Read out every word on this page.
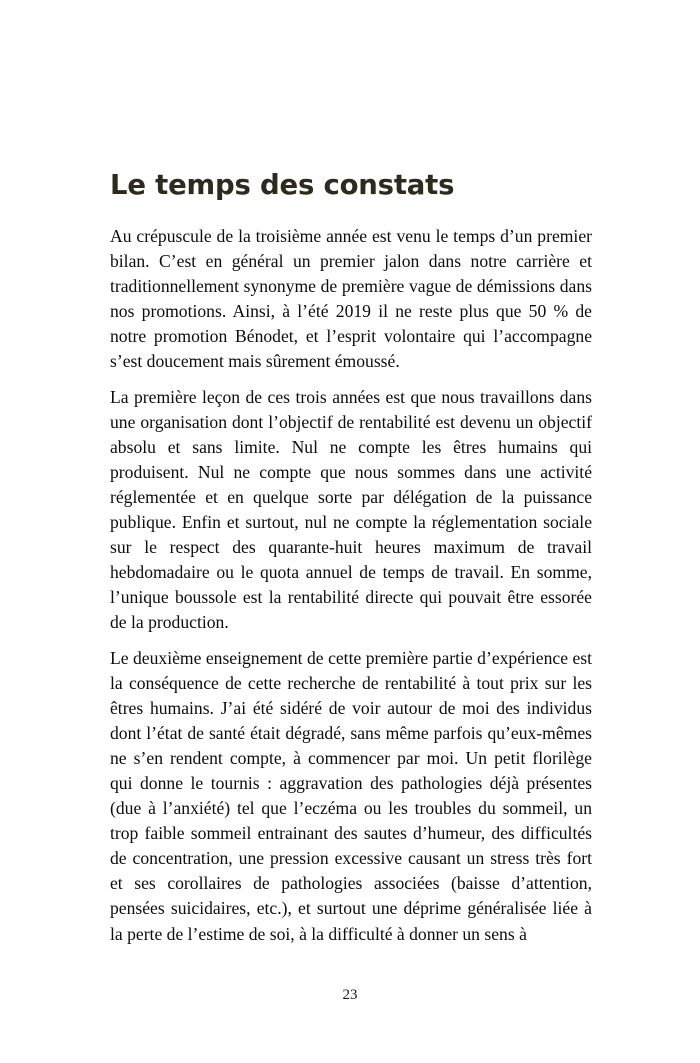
Le temps des constats

Au crépuscule de la troisième année est venu le temps d’un premier bilan. C’est en général un premier jalon dans notre carrière et traditionnellement synonyme de première vague de démissions dans nos promotions. Ainsi, à l’été 2019 il ne reste plus que 50 % de notre promotion Bénodet, et l’esprit volontaire qui l’accompagne s’est doucement mais sûrement émoussé.

La première leçon de ces trois années est que nous travaillons dans une organisation dont l’objectif de rentabilité est devenu un objectif absolu et sans limite. Nul ne compte les êtres humains qui produisent. Nul ne compte que nous sommes dans une activité réglementée et en quelque sorte par délégation de la puissance publique. Enfin et surtout, nul ne compte la réglementation sociale sur le respect des quarante-huit heures maximum de travail hebdomadaire ou le quota annuel de temps de travail. En somme, l’unique boussole est la rentabilité directe qui pouvait être essorée de la production.

Le deuxième enseignement de cette première partie d’expérience est la conséquence de cette recherche de rentabilité à tout prix sur les êtres humains. J’ai été sidéré de voir autour de moi des individus dont l’état de santé était dégradé, sans même parfois qu’eux-mêmes ne s’en rendent compte, à commencer par moi. Un petit florilège qui donne le tournis : aggravation des pathologies déjà présentes (due à l’anxiété) tel que l’eczéma ou les troubles du sommeil, un trop faible sommeil entrainant des sautes d’humeur, des difficultés de concentration, une pression excessive causant un stress très fort et ses corollaires de pathologies associées (baisse d’attention, pensées suicidaires, etc.), et surtout une déprime généralisée liée à la perte de l’estime de soi, à la difficulté à donner un sens à

23
